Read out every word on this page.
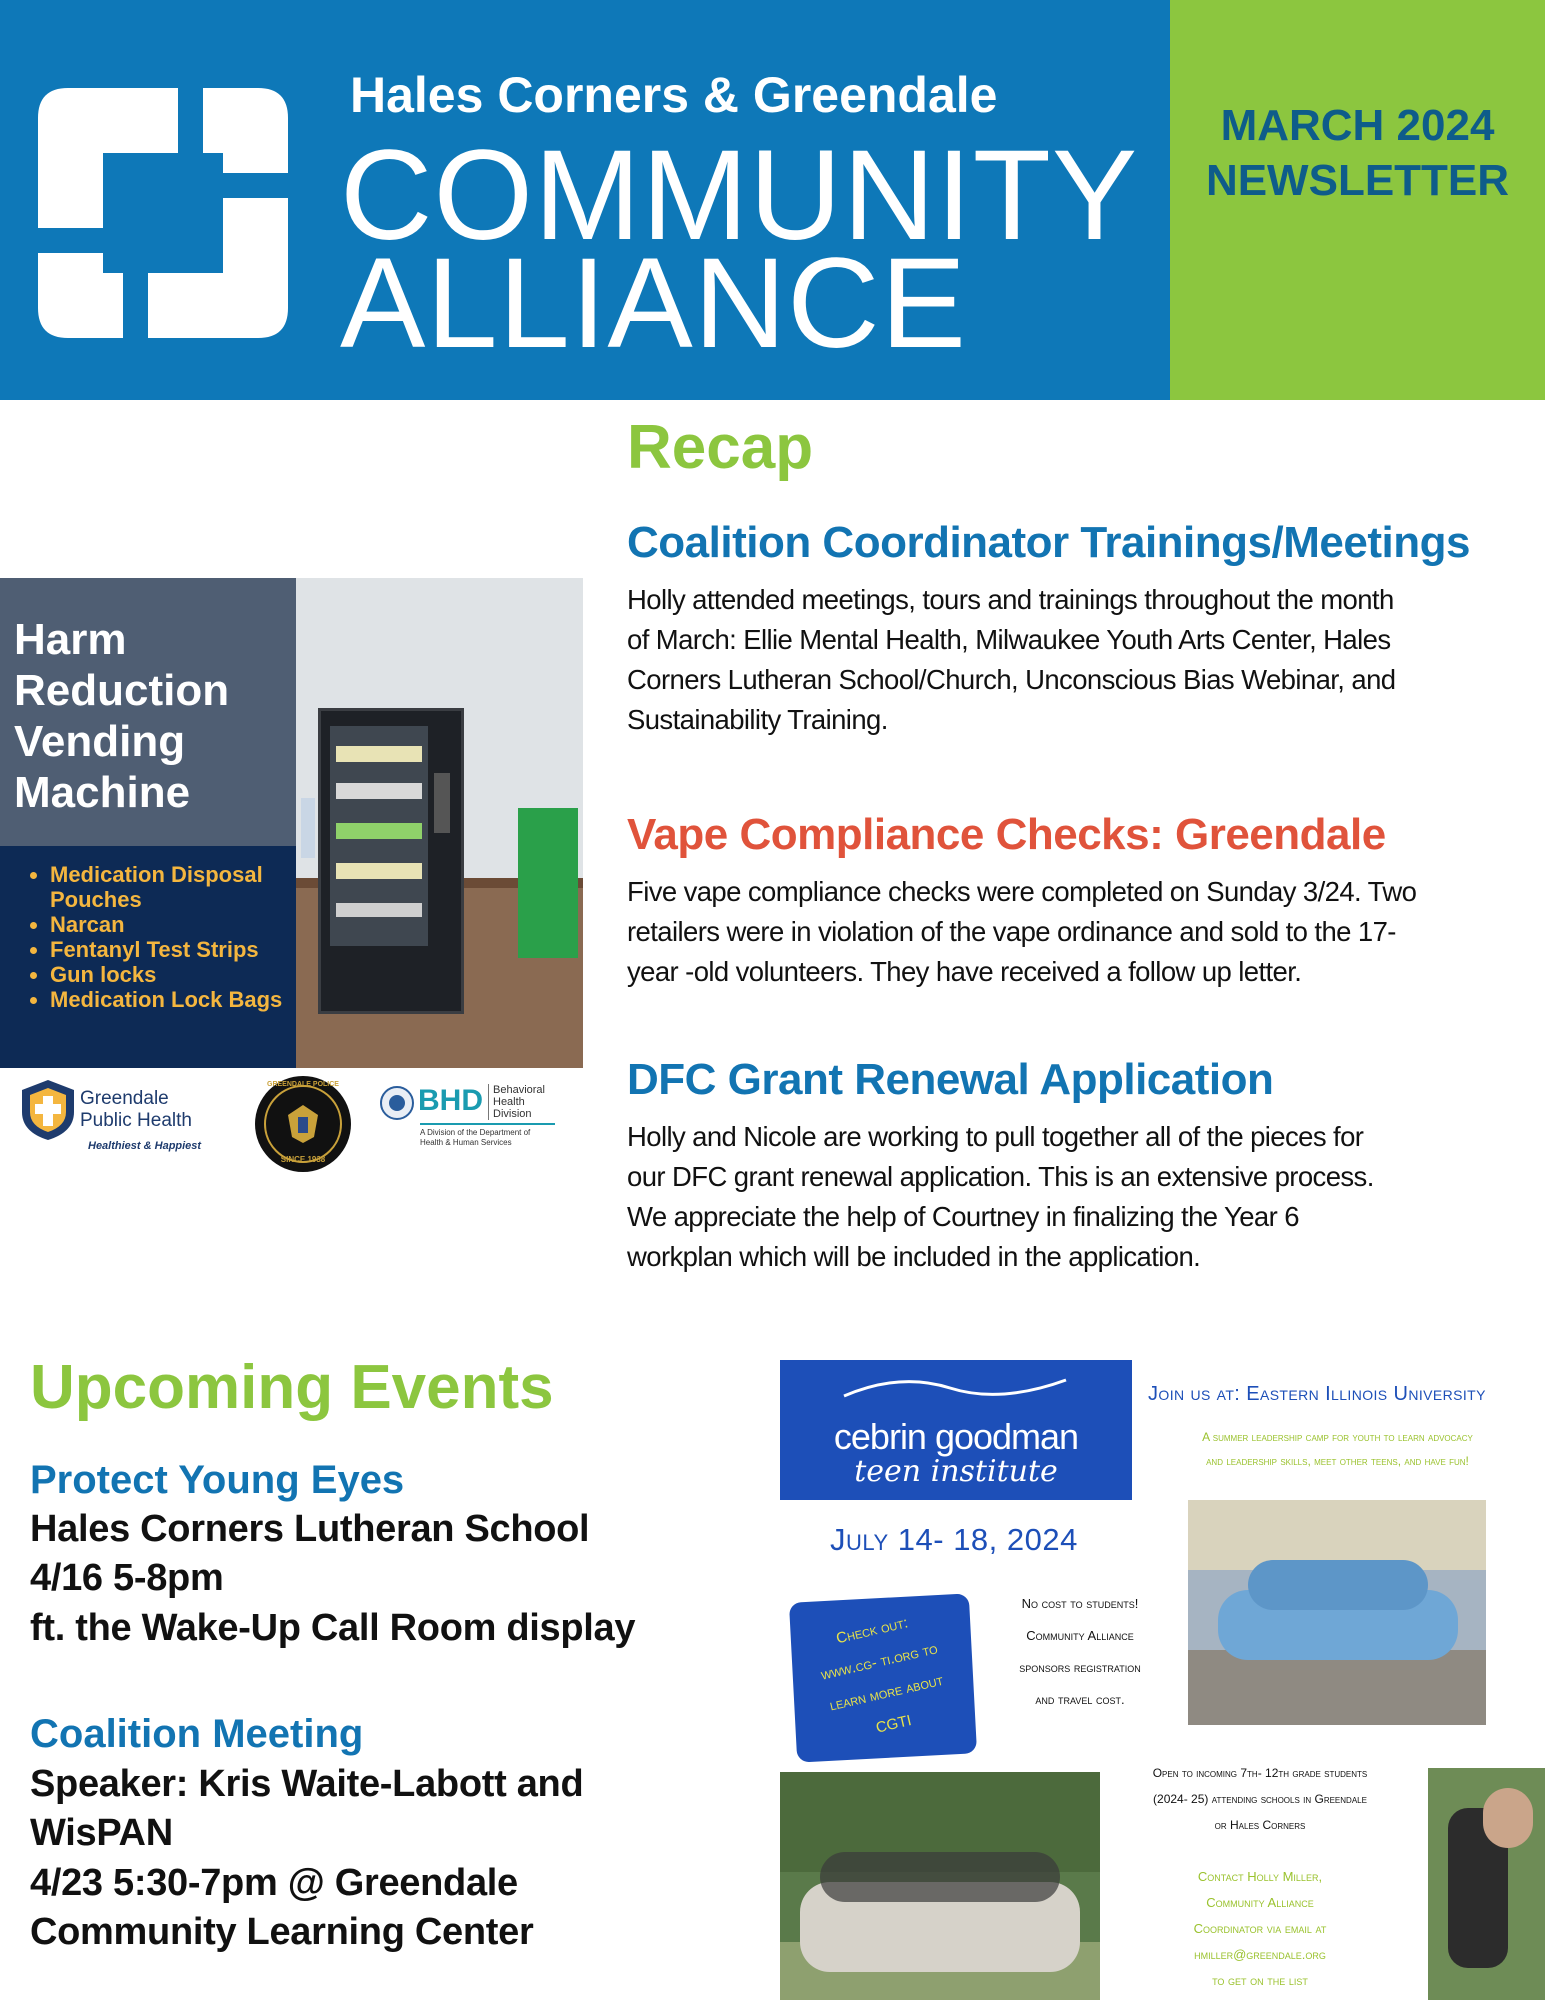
Hales Corners & Greendale
COMMUNITY
ALLIANCE
MARCH 2024
NEWSLETTER
Harm
Reduction
Vending
Machine
• Medication Disposal Pouches
• Narcan
• Fentanyl Test Strips
• Gun locks
• Medication Lock Bags
Greendale
Public Health
Healthiest & Happiest
GREENDALE POLICE
SINCE 1938
BHD Behavioral
Health
Division
A Division of the Department of
Health & Human Services
Recap
Coalition Coordinator Trainings/Meetings
Holly attended meetings, tours and trainings throughout the month
of March: Ellie Mental Health, Milwaukee Youth Arts Center, Hales
Corners Lutheran School/Church, Unconscious Bias Webinar, and
Sustainability Training.
Vape Compliance Checks: Greendale
Five vape compliance checks were completed on Sunday 3/24. Two
retailers were in violation of the vape ordinance and sold to the 17-
year -old volunteers. They have received a follow up letter.
DFC Grant Renewal Application
Holly and Nicole are working to pull together all of the pieces for
our DFC grant renewal application. This is an extensive process.
We appreciate the help of Courtney in finalizing the Year 6
workplan which will be included in the application.
Upcoming Events
Protect Young Eyes
Hales Corners Lutheran School
4/16 5-8pm
ft. the Wake-Up Call Room display
Coalition Meeting
Speaker: Kris Waite-Labott and
WisPAN
4/23 5:30-7pm @ Greendale
Community Learning Center
cebrin goodman
teen institute
Join us at: Eastern Illinois University
A summer leadership camp for youth to learn advocacy
and leadership skills, meet other teens, and have fun!
July 14- 18, 2024
Check out:
www.cg- ti.org to
learn more about
CGTI
No cost to students!
Community Alliance
sponsors registration
and travel cost.
Open to incoming 7th- 12th grade students
(2024- 25) attending schools in Greendale
or Hales Corners
Contact Holly Miller,
Community Alliance
Coordinator via email at
hmiller@greendale.org
to get on the list
